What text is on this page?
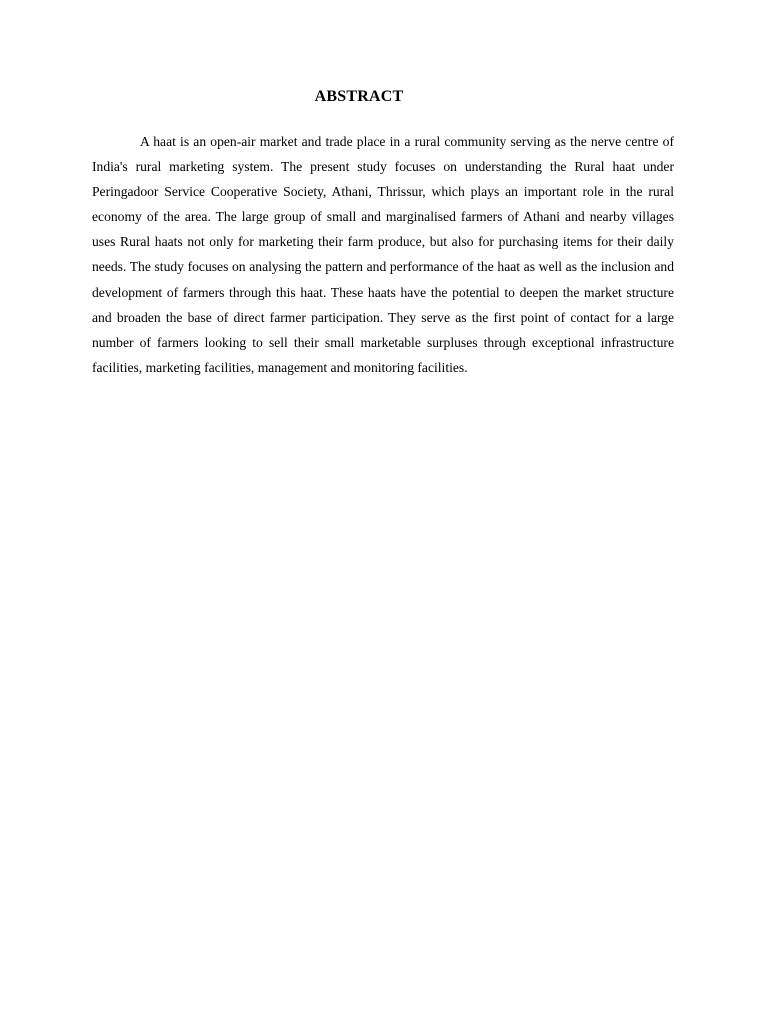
ABSTRACT

A haat is an open-air market and trade place in a rural community serving as the nerve centre of India's rural marketing system. The present study focuses on understanding the Rural haat under Peringadoor Service Cooperative Society, Athani, Thrissur, which plays an important role in the rural economy of the area. The large group of small and marginalised farmers of Athani and nearby villages uses Rural haats not only for marketing their farm produce, but also for purchasing items for their daily needs. The study focuses on analysing the pattern and performance of the haat as well as the inclusion and development of farmers through this haat. These haats have the potential to deepen the market structure and broaden the base of direct farmer participation. They serve as the first point of contact for a large number of farmers looking to sell their small marketable surpluses through exceptional infrastructure facilities, marketing facilities, management and monitoring facilities.
